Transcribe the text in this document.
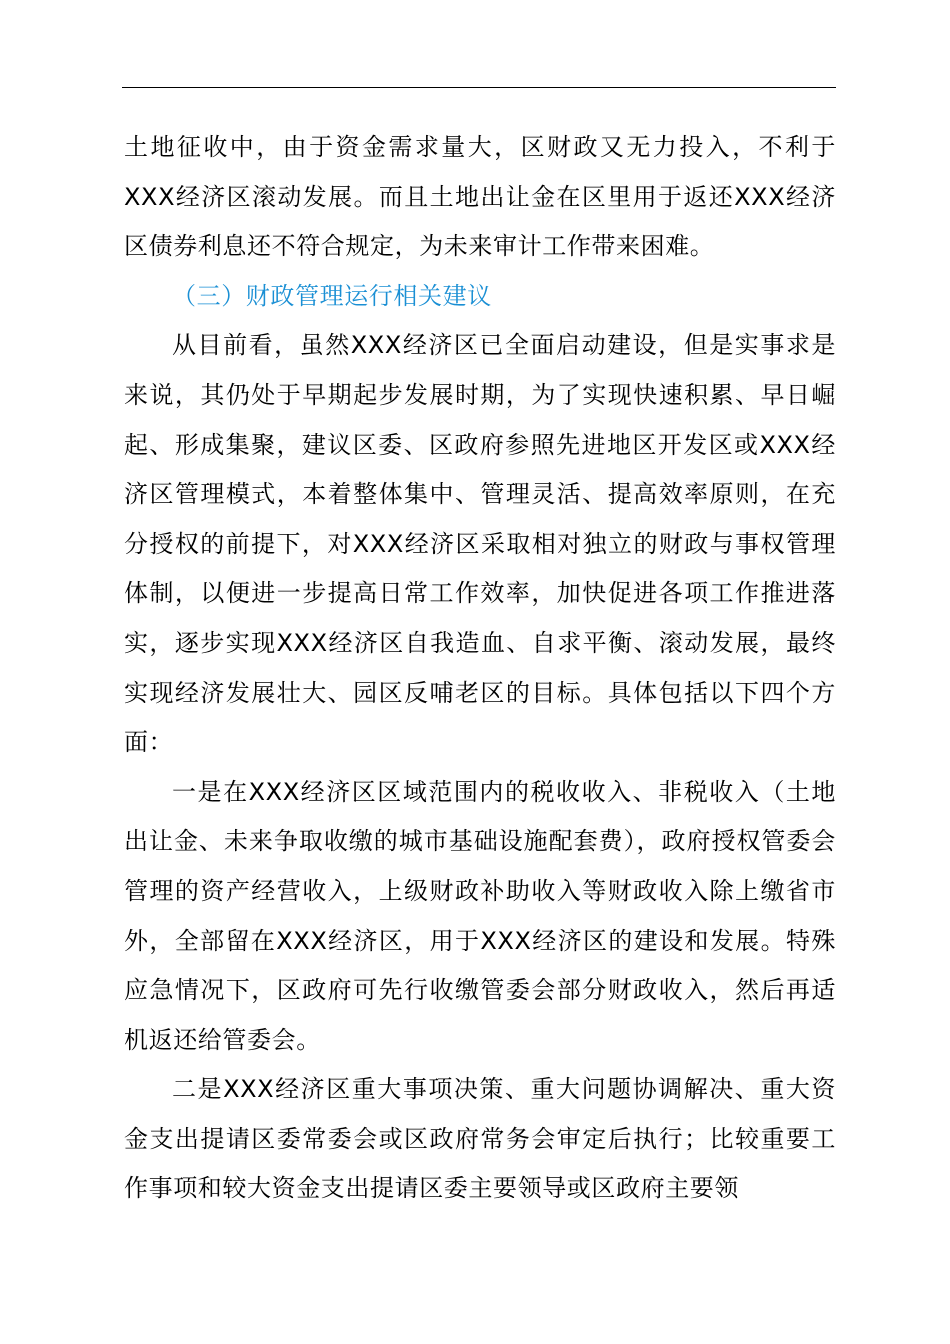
土地征收中，由于资金需求量大，区财政又无力投入，不利于XXX经济区滚动发展。而且土地出让金在区里用于返还XXX经济区债券利息还不符合规定，为未来审计工作带来困难。

（三）财政管理运行相关建议

从目前看，虽然XXX经济区已全面启动建设，但是实事求是来说，其仍处于早期起步发展时期，为了实现快速积累、早日崛起、形成集聚，建议区委、区政府参照先进地区开发区或XXX经济区管理模式，本着整体集中、管理灵活、提高效率原则，在充分授权的前提下，对XXX经济区采取相对独立的财政与事权管理体制，以便进一步提高日常工作效率，加快促进各项工作推进落实，逐步实现XXX经济区自我造血、自求平衡、滚动发展，最终实现经济发展壮大、园区反哺老区的目标。具体包括以下四个方面：

一是在XXX经济区区域范围内的税收收入、非税收入（土地出让金、未来争取收缴的城市基础设施配套费），政府授权管委会管理的资产经营收入，上级财政补助收入等财政收入除上缴省市外，全部留在XXX经济区，用于XXX经济区的建设和发展。特殊应急情况下，区政府可先行收缴管委会部分财政收入，然后再适机返还给管委会。

二是XXX经济区重大事项决策、重大问题协调解决、重大资金支出提请区委常委会或区政府常务会审定后执行；比较重要工作事项和较大资金支出提请区委主要领导或区政府主要领
